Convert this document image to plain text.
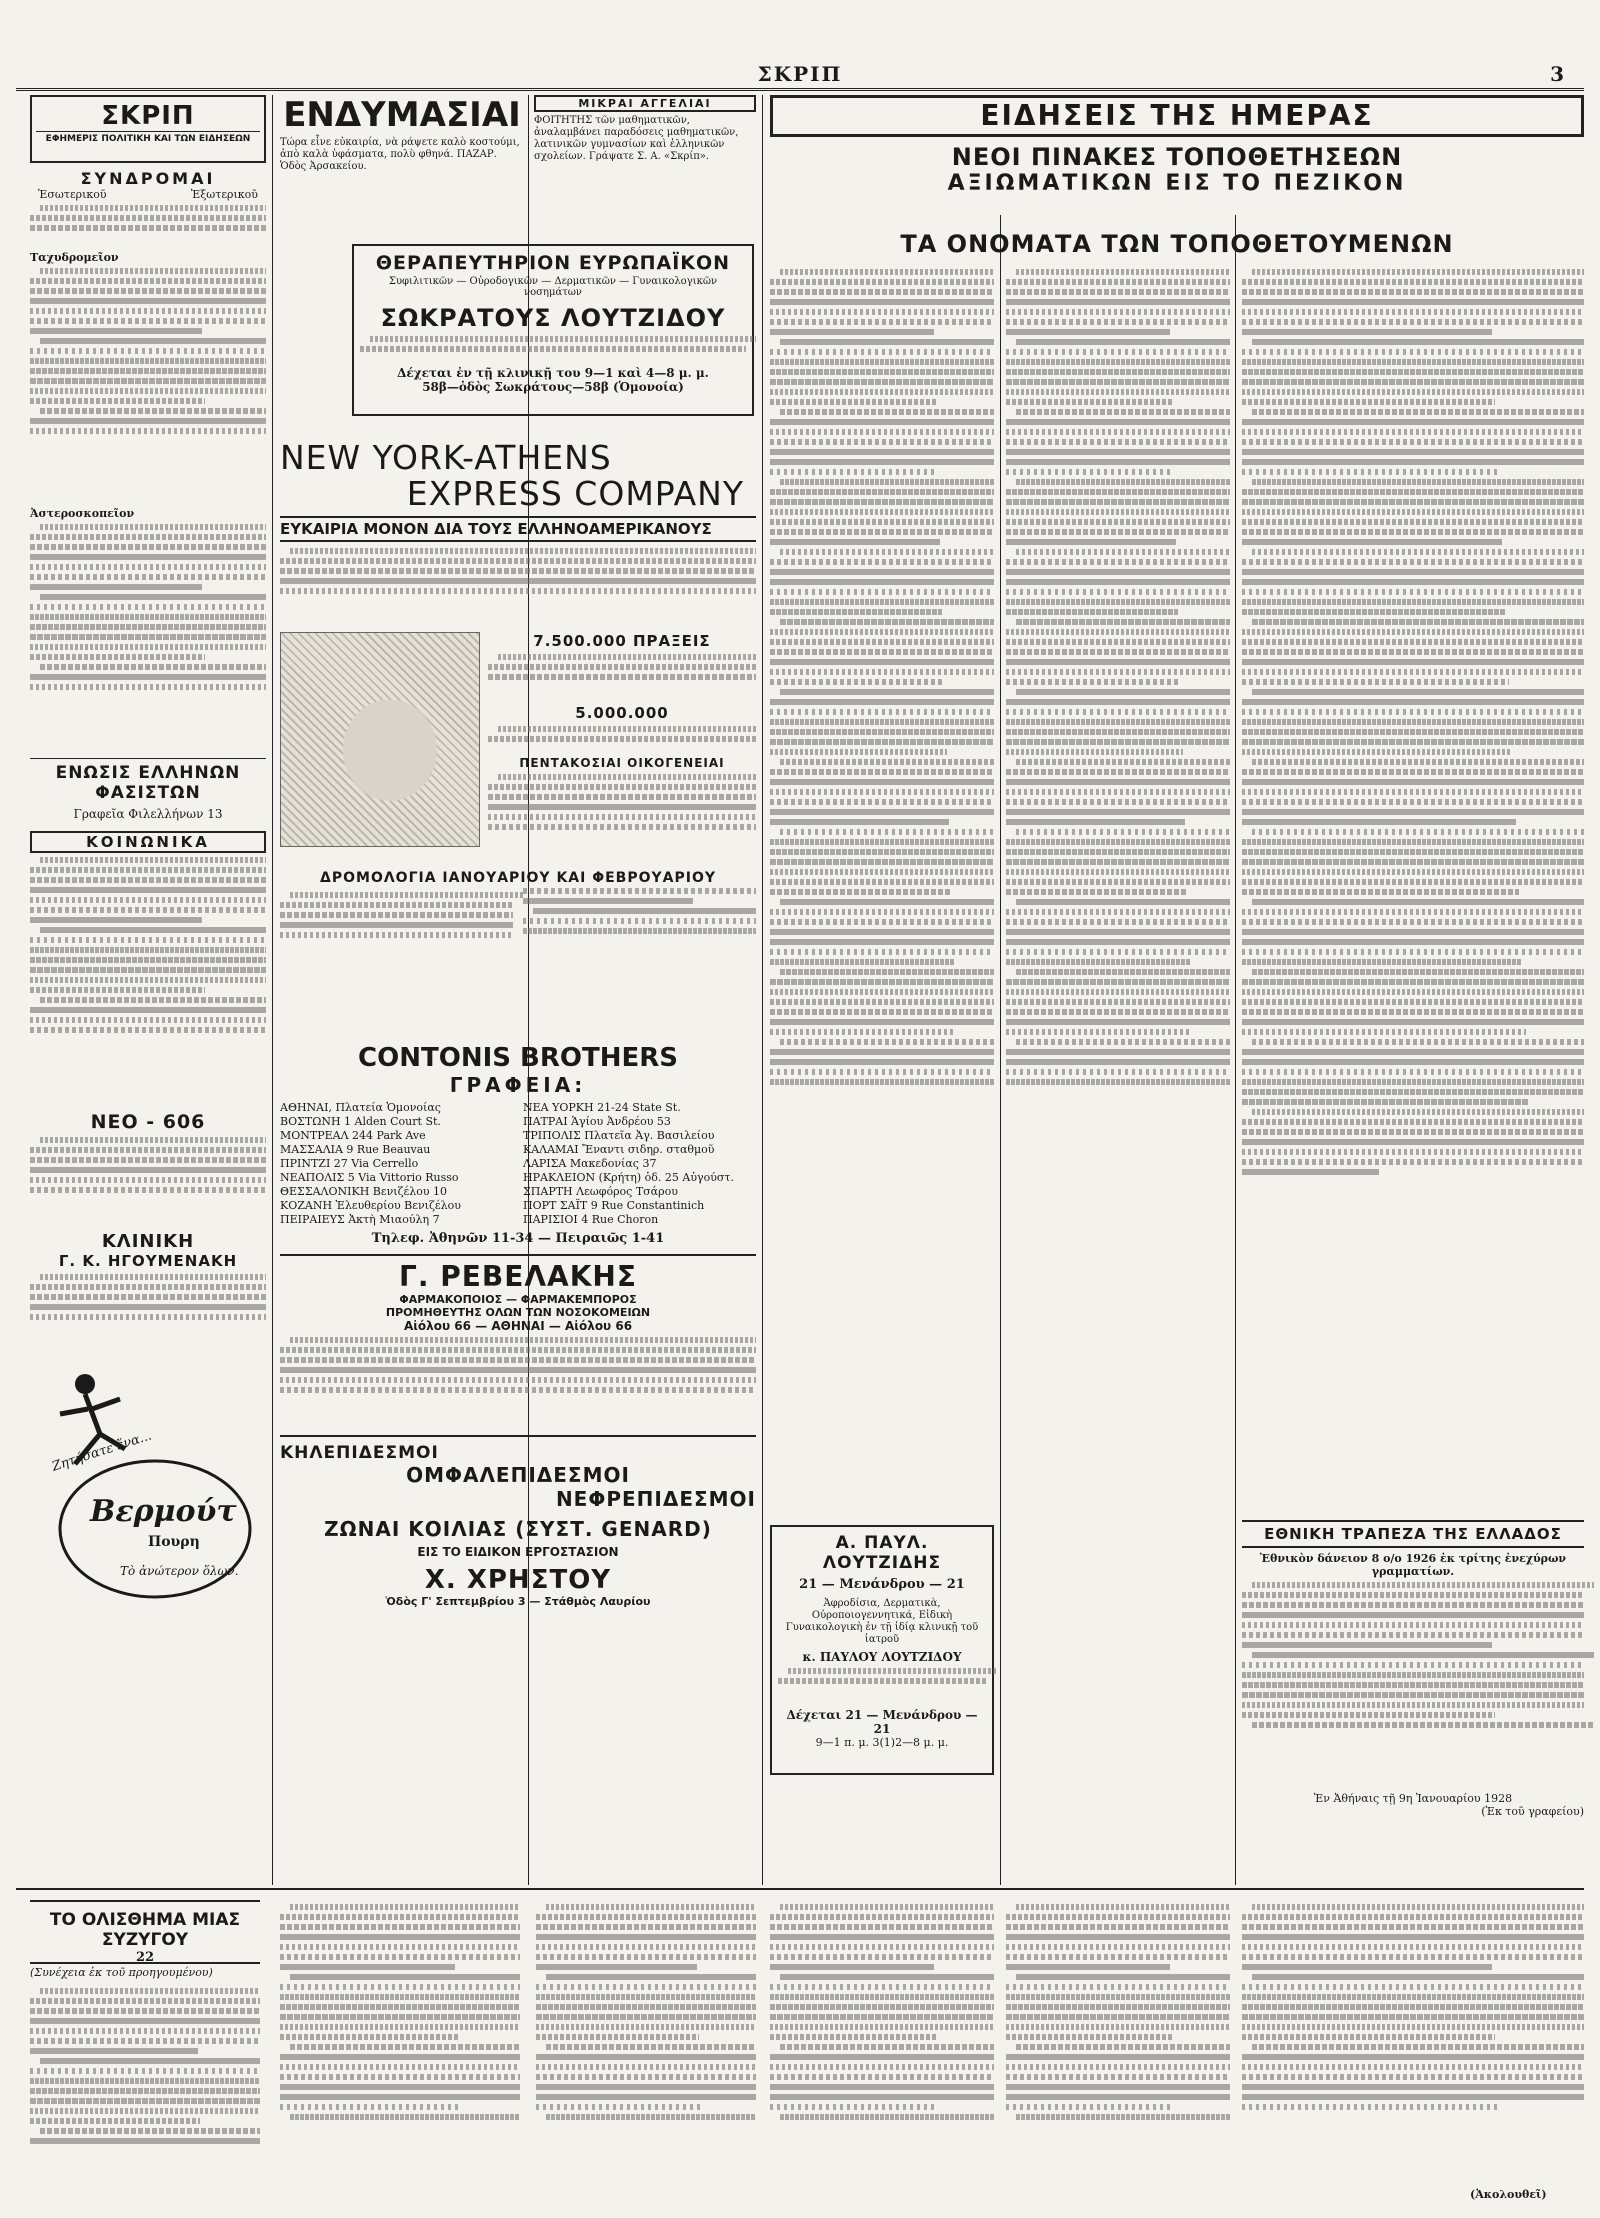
ΣΚΡΙΠ	3
ΣΚΡΙΠ
ΕΦΗΜΕΡΙΣ ΠΟΛΙΤΙΚΗ ΚΑΙ ΤΩΝ ΕΙΔΗΣΕΩΝ
ΣΥΝΔΡΟΜΑΙ
Ἐσωτερικοῦ	Ἐξωτερικοῦ
Ταχυδρομεῖον
Ἀστεροσκοπεῖον
ΕΝΩΣΙΣ ΕΛΛΗΝΩΝ ΦΑΣΙΣΤΩΝ
Γραφεῖα Φιλελλήνων 13
ΚΟΙΝΩΝΙΚΑ
ΝΕΟ - 606
ΚΛΙΝΙΚΗ
Γ. Κ. ΗΓΟΥΜΕΝΑΚΗ
Ζητήσατε ἕνα...
Βερμούτ
Πουρη
Τὸ ἀνώτερον ὅλων.
ΕΝΔΥΜΑΣΙΑΙ
Τώρα εἶνε εὐκαιρία, νὰ ράψετε καλὸ κοστούμι, ἀπὸ καλὰ ὑφάσματα, πολὺ φθηνά. ΠΑΖΑΡ. Ὁδὸς Ἀρσακείου.
ΘΕΡΑΠΕΥΤΗΡΙΟΝ ΕΥΡΩΠΑΪΚΟΝ
Συφιλιτικῶν — Οὐροδογικῶν — Δερματικῶν — Γυναικολογικῶν νοσημάτων
ΣΩΚΡΑΤΟΥΣ ΛΟΥΤΖΙΔΟΥ
Δέχεται ἐν τῇ κλινικῇ του 9—1 καὶ 4—8 μ. μ.
58β—ὁδὸς Σωκράτους—58β (Ὁμονοία)
NEW YORK-ATHENS
EXPRESS COMPANY
ΕΥΚΑΙΡΙΑ ΜΟΝΟΝ ΔΙΑ ΤΟΥΣ ΕΛΛΗΝΟΑΜΕΡΙΚΑΝΟΥΣ
7.500.000 ΠΡΑΞΕΙΣ
5.000.000
ΠΕΝΤΑΚΟΣΙΑΙ ΟΙΚΟΓΕΝΕΙΑΙ
ΔΡΟΜΟΛΟΓΙΑ ΙΑΝΟΥΑΡΙΟΥ ΚΑΙ ΦΕΒΡΟΥΑΡΙΟΥ
CONTONIS BROTHERS
ΓΡΑΦΕΙΑ:
ΑΘΗΝΑΙ, Πλατεία Ὁμονοίας	ΝΕΑ ΥΟΡΚΗ 21-24 State St.
ΒΟΣΤΩΝΗ 1 Alden Court St.	ΠΑΤΡΑΙ Ἁγίου Ἀνδρέου 53
ΜΟΝΤΡΕΑΛ 244 Park Ave	ΤΡΙΠΟΛΙΣ Πλατεῖα Ἀγ. Βασιλείου
ΜΑΣΣΑΛΙΑ 9 Rue Beauvau	ΚΑΛΑΜΑΙ Ἔναντι σιδηρ. σταθμοῦ
ΠΡΙΝΤΖΙ 27 Via Cerrello	ΛΑΡΙΣΑ Μακεδονίας 37
ΝΕΑΠΟΛΙΣ 5 Via Vittorio Russo	ΗΡΑΚΛΕΙΟΝ (Κρήτη) ὁδ. 25 Αὐγούστ.
ΘΕΣΣΑΛΟΝΙΚΗ Βενιζέλου 10	ΣΠΑΡΤΗ Λεωφόρος Τσάρου
ΚΟΖΑΝΗ Ἐλευθερίου Βενιζέλου	ΠΟΡΤ ΣΑΪΤ 9 Rue Constantinich
ΠΕΙΡΑΙΕΥΣ Ἀκτὴ Μιαούλη 7	ΠΑΡΙΣΙΟΙ 4 Rue Choron
Τηλεφ. Ἀθηνῶν 11-34 — Πειραιῶς 1-41
Γ. ΡΕΒΕΛΑΚΗΣ
ΦΑΡΜΑΚΟΠΟΙΟΣ — ΦΑΡΜΑΚΕΜΠΟΡΟΣ
ΠΡΟΜΗΘΕΥΤΗΣ ΟΛΩΝ ΤΩΝ ΝΟΣΟΚΟΜΕΙΩΝ
Αἰόλου 66 — ΑΘΗΝΑΙ — Αἰόλου 66
ΚΗΛΕΠΙΔΕΣΜΟΙ
ΟΜΦΑΛΕΠΙΔΕΣΜΟΙ
ΝΕΦΡΕΠΙΔΕΣΜΟΙ
ΖΩΝΑΙ ΚΟΙΛΙΑΣ (ΣΥΣΤ. GENARD)
ΕΙΣ ΤΟ ΕΙΔΙΚΟΝ ΕΡΓΟΣΤΑΣΙΟΝ
Χ. ΧΡΗΣΤΟΥ
Ὁδὸς Γ' Σεπτεμβρίου 3 — Στάθμὸς Λαυρίου
ΜΙΚΡΑΙ ΑΓΓΕΛΙΑΙ
ΦΟΙΤΗΤΗΣ τῶν μαθηματικῶν, ἀναλαμβάνει παραδόσεις μαθηματικῶν, λατινικῶν γυμνασίων καὶ ἑλληνικῶν σχολείων. Γράψατε Σ. Α. «Σκρίπ».
ΕΙΔΗΣΕΙΣ ΤΗΣ ΗΜΕΡΑΣ
ΝΕΟΙ ΠΙΝΑΚΕΣ ΤΟΠΟΘΕΤΗΣΕΩΝ
ΑΞΙΩΜΑΤΙΚΩΝ ΕΙΣ ΤΟ ΠΕΖΙΚΟΝ
ΤΑ ΟΝΟΜΑΤΑ ΤΩΝ ΤΟΠΟΘΕΤΟΥΜΕΝΩΝ
Α. ΠΑΥΛ. ΛΟΥΤΖΙΔΗΣ
21 — Μενάνδρου — 21
Ἀφροδίσια, Δερματικὰ, Οὐροποιογεννητικά, Εἰδικὴ Γυναικολογικὴ ἐν τῇ ἰδίᾳ κλινικῇ τοῦ ἰατροῦ
κ. ΠΑΥΛΟΥ ΛΟΥΤΖΙΔΟΥ
Δέχεται 21 — Μενάνδρου — 21
9—1 π. μ. 3(1)2—8 μ. μ.
ΕΘΝΙΚΗ ΤΡΑΠΕΖΑ ΤΗΣ ΕΛΛΑΔΟΣ
Ἐθνικὸν δάνειον 8 ο/ο 1926 ἐκ τρίτης ἐνεχύρων γραμματίων.
Ἐν Ἀθήναις τῇ 9η Ἰανουαρίου 1928
(Ἐκ τοῦ γραφείου)
ΤΟ ΟΛΙΣΘΗΜΑ ΜΙΑΣ ΣΥΖΥΓΟΥ
22
(Συνέχεια ἐκ τοῦ προηγουμένου)
(Ἀκολουθεῖ)
